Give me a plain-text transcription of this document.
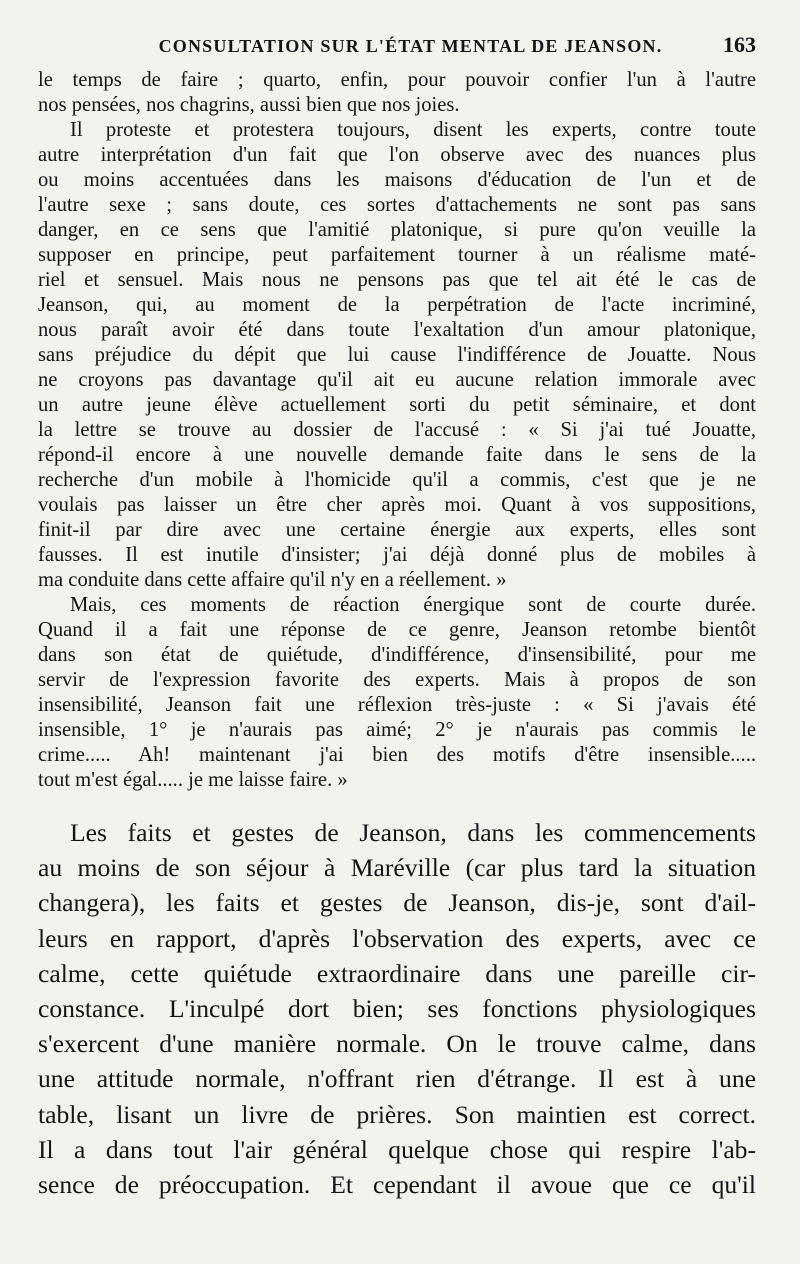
CONSULTATION SUR L'ÉTAT MENTAL DE JEANSON.	163

le temps de faire ; quarto, enfin, pour pouvoir confier l'un à l'autre
nos pensées, nos chagrins, aussi bien que nos joies.

Il proteste et protestera toujours, disent les experts, contre toute
autre interprétation d'un fait que l'on observe avec des nuances plus
ou moins accentuées dans les maisons d'éducation de l'un et de
l'autre sexe ; sans doute, ces sortes d'attachements ne sont pas sans
danger, en ce sens que l'amitié platonique, si pure qu'on veuille la
supposer en principe, peut parfaitement tourner à un réalisme maté-
riel et sensuel. Mais nous ne pensons pas que tel ait été le cas de
Jeanson, qui, au moment de la perpétration de l'acte incriminé,
nous paraît avoir été dans toute l'exaltation d'un amour platonique,
sans préjudice du dépit que lui cause l'indifférence de Jouatte. Nous
ne croyons pas davantage qu'il ait eu aucune relation immorale avec
un autre jeune élève actuellement sorti du petit séminaire, et dont
la lettre se trouve au dossier de l'accusé : « Si j'ai tué Jouatte,
répond-il encore à une nouvelle demande faite dans le sens de la
recherche d'un mobile à l'homicide qu'il a commis, c'est que je ne
voulais pas laisser un être cher après moi. Quant à vos suppositions,
finit-il par dire avec une certaine énergie aux experts, elles sont
fausses. Il est inutile d'insister; j'ai déjà donné plus de mobiles à
ma conduite dans cette affaire qu'il n'y en a réellement. »

Mais, ces moments de réaction énergique sont de courte durée.
Quand il a fait une réponse de ce genre, Jeanson retombe bientôt
dans son état de quiétude, d'indifférence, d'insensibilité, pour me
servir de l'expression favorite des experts. Mais à propos de son
insensibilité, Jeanson fait une réflexion très-juste : « Si j'avais été
insensible, 1° je n'aurais pas aimé; 2° je n'aurais pas commis le
crime..... Ah! maintenant j'ai bien des motifs d'être insensible.....
tout m'est égal..... je me laisse faire. »

Les faits et gestes de Jeanson, dans les commencements
au moins de son séjour à Maréville (car plus tard la situation
changera), les faits et gestes de Jeanson, dis-je, sont d'ail-
leurs en rapport, d'après l'observation des experts, avec ce
calme, cette quiétude extraordinaire dans une pareille cir-
constance. L'inculpé dort bien; ses fonctions physiologiques
s'exercent d'une manière normale. On le trouve calme, dans
une attitude normale, n'offrant rien d'étrange. Il est à une
table, lisant un livre de prières. Son maintien est correct.
Il a dans tout l'air général quelque chose qui respire l'ab-
sence de préoccupation. Et cependant il avoue que ce qu'il
